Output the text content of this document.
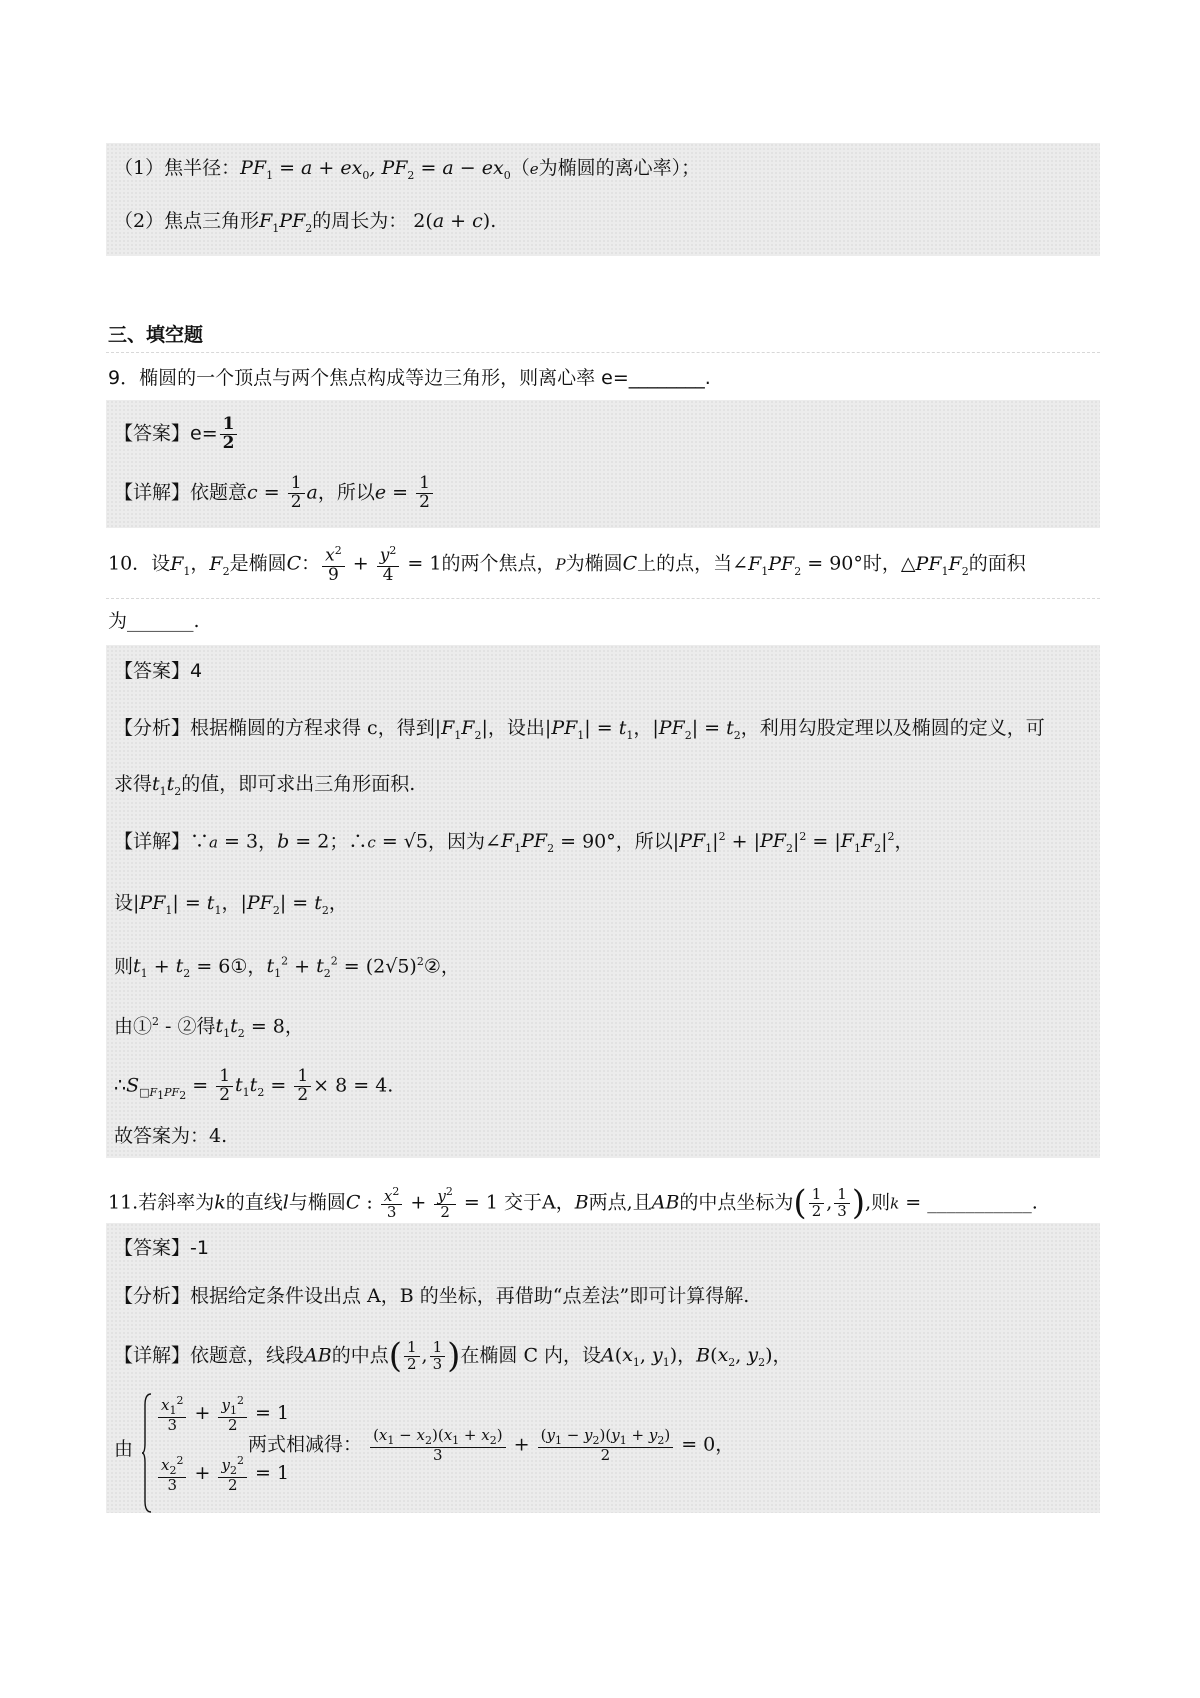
（1）焦半径：$PF_1 = a + ex_0$, $PF_2 = a - ex_0(e$为椭圆的离心率）；
（2）焦点三角形$F_1PF_2$的周长为： 2(a + c).
三、填空题
9．椭圆的一个顶点与两个焦点构成等边三角形，则离心率 e=________.
【答案】$e= \frac{1}{2}$
【详解】依题意$c = \frac{1}{2}$ a，所以$e = \frac{1}{2}$
10．设$F_1$，$F_2$是椭圆C： $\frac{x^2}{9} + \frac{y^2}{4} = 1$的两个焦点，P为椭圆C上的点，当$\angle F_1PF_2 = 90^\circ$时，$\triangle PF_1F_2$的面积
为_______.
【答案】4
【分析】根据椭圆的方程求得 c，得到$|F_1F_2|$，设出$|PF_1| = t_1$，$|PF_2| = t_2$，利用勾股定理以及椭圆的定义，可
求得$t_1t_2$的值，即可求出三角形面积.
【详解】∵a = 3，b = 2；∴c = √5，因为$\angle F_1PF_2 = 90^\circ$，所以$|PF_1|^2 + |PF_2|^2 = |F_1F_2|^2$，
设$|PF_1| = t_1$，$|PF_2| = t_2$，
则$t_1 + t_2$ = 6①，$t_1^2 + t_2^2$ = $(2√5)^2②$，
由①$^2$ - ②得$t_1t_2 = 8$，
$\therefore S_{□F_1PF_2} = \frac{1}{2} t_1t_2 = \frac{1}{2} \times 8 = 4$.
故答案为：4.
11.若斜率为k的直线l与椭圆C : $\frac{x^2}{3} + \frac{y^2}{2} = 1$ 交于A，B两点,且AB的中点坐标为( $\frac{1}{2}$ , $\frac{1}{3}$ ),则k = ___________.
【答案】-1
【分析】根据给定条件设出点 A，B 的坐标，再借助“点差法”即可计算得解.
【详解】依题意，线段AB的中点( $\frac{1}{2}$ , $\frac{1}{3}$ )在椭圆 C 内，设$A(x_1$, $y_1$)，$B(x_2$, $y_2$)，
由
$\frac{x_1^2}{3} + \frac{y_1^2}{2} = 1$
$\frac{x_2^2}{3} + \frac{y_2^2}{2} = 1$
两式相减得： $\frac{(x_1 - x_2)(x_1 + x_2)}{3} + \frac{(y_1 - y_2)(y_1 + y_2)}{2} = 0$，
